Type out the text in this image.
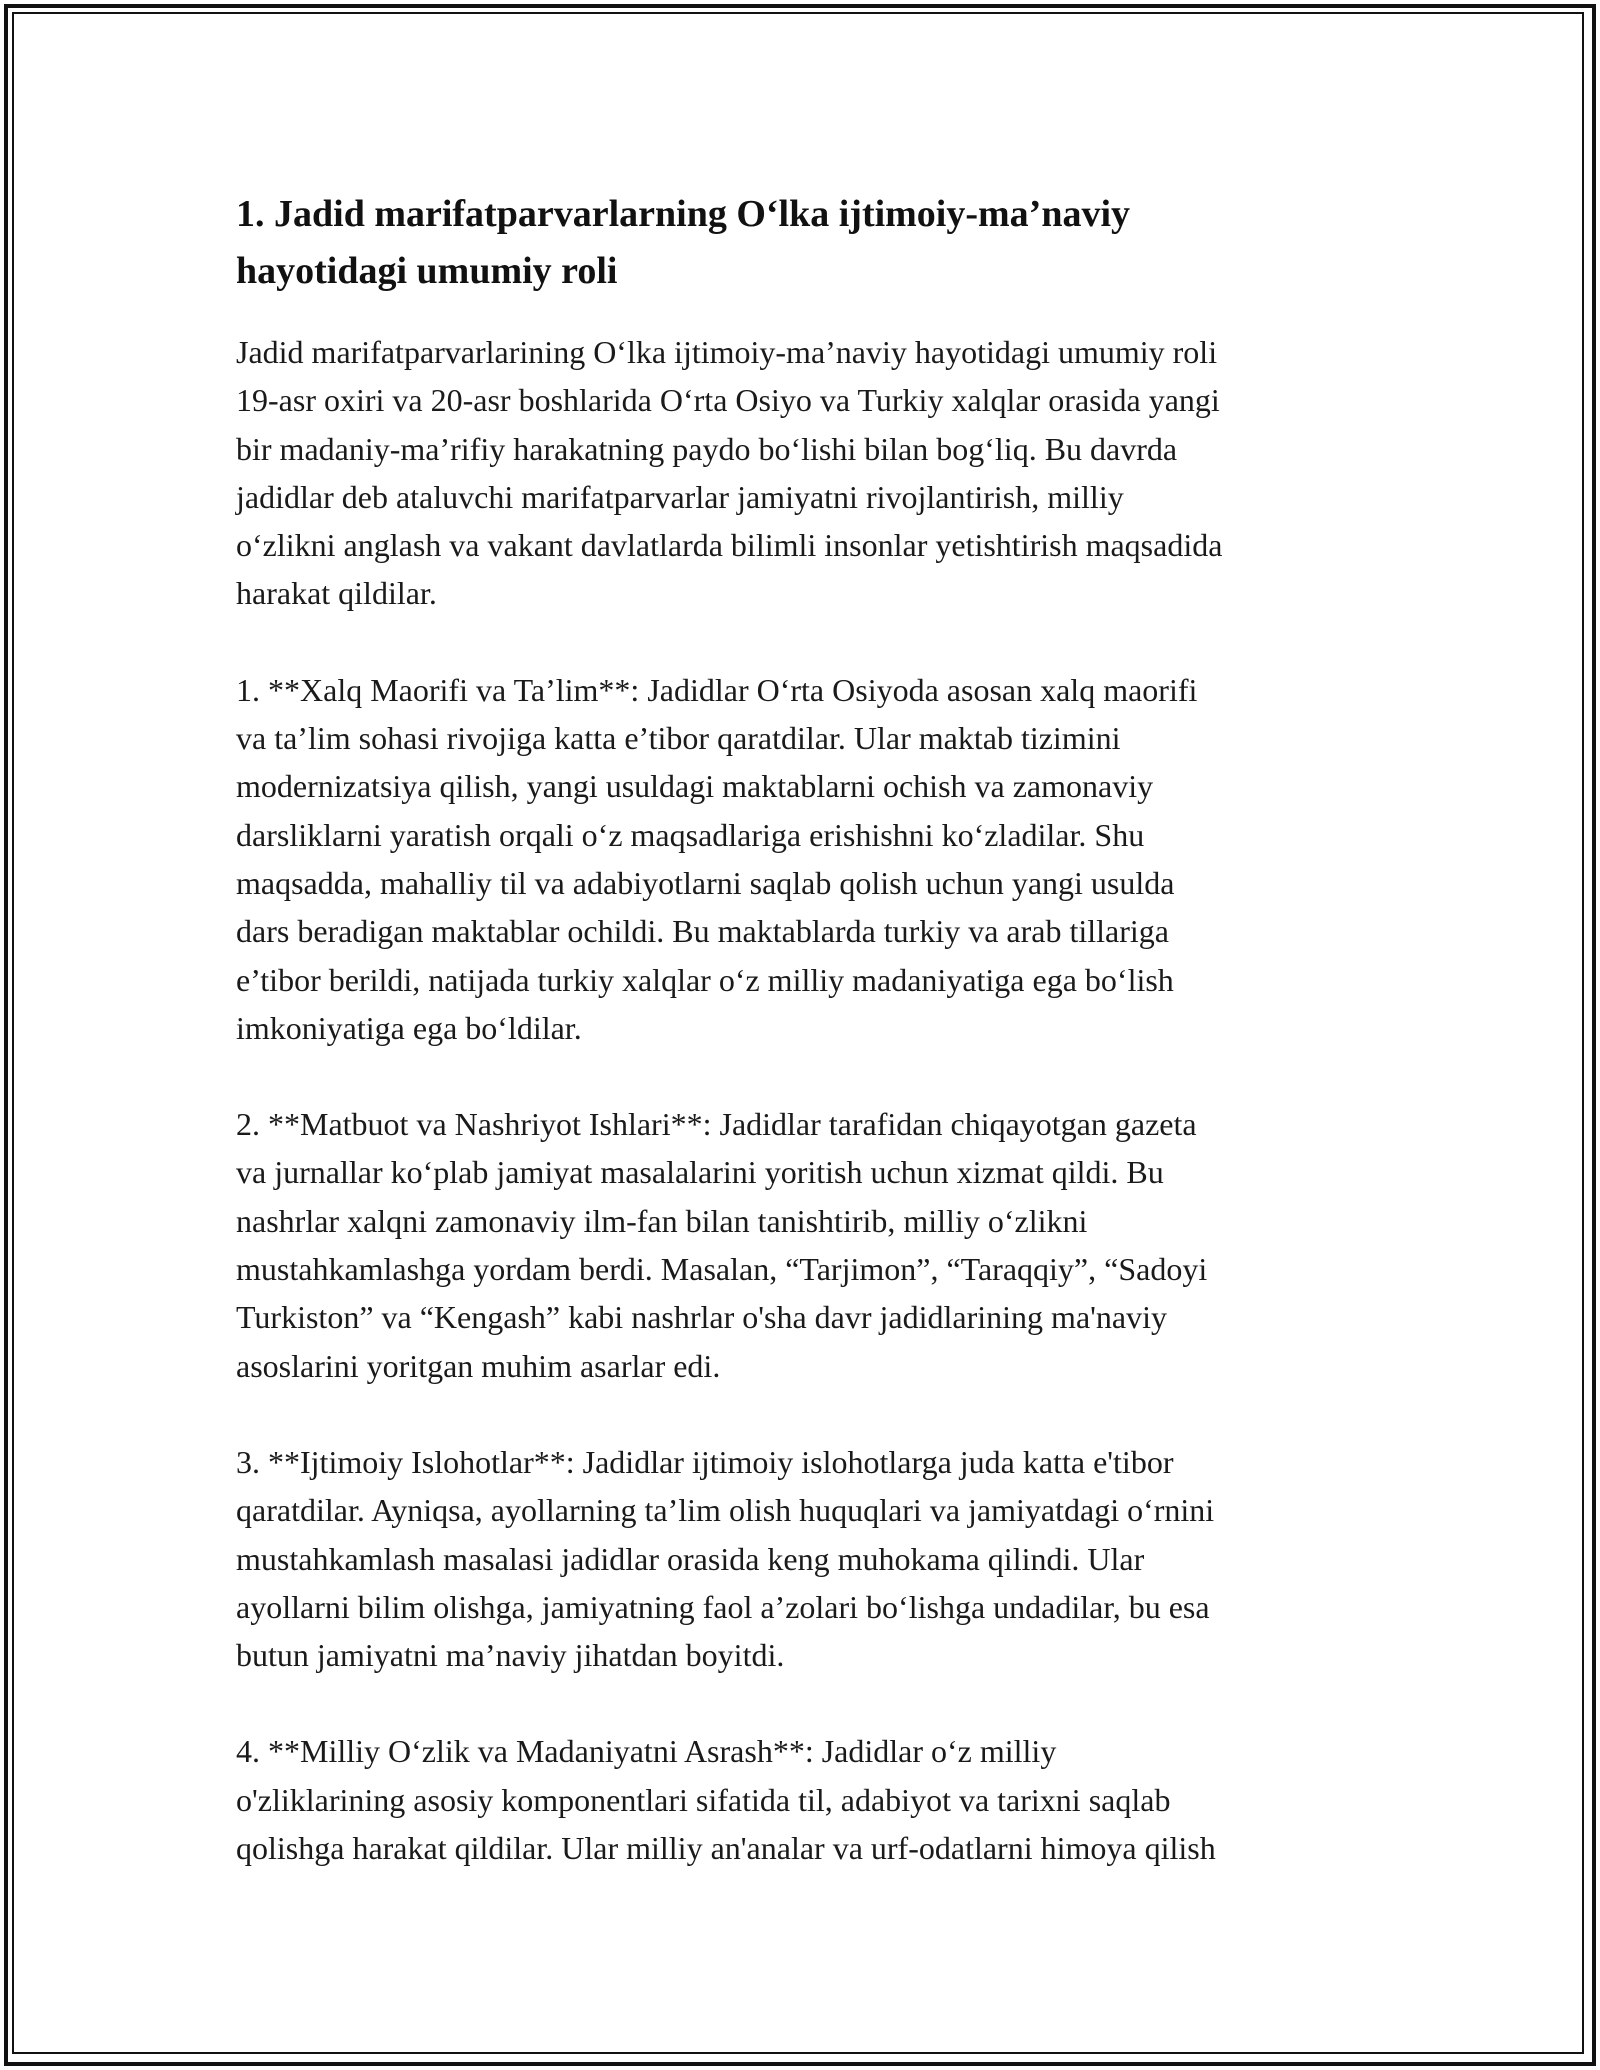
1. Jadid marifatparvarlarning O‘lka ijtimoiy-ma’naviy
hayotidagi umumiy roli

Jadid marifatparvarlarining O‘lka ijtimoiy-ma’naviy hayotidagi umumiy roli
19-asr oxiri va 20-asr boshlarida O‘rta Osiyo va Turkiy xalqlar orasida yangi
bir madaniy-ma’rifiy harakatning paydo bo‘lishi bilan bog‘liq. Bu davrda
jadidlar deb ataluvchi marifatparvarlar jamiyatni rivojlantirish, milliy
o‘zlikni anglash va vakant davlatlarda bilimli insonlar yetishtirish maqsadida
harakat qildilar.

1. **Xalq Maorifi va Ta’lim**: Jadidlar O‘rta Osiyoda asosan xalq maorifi
va ta’lim sohasi rivojiga katta e’tibor qaratdilar. Ular maktab tizimini
modernizatsiya qilish, yangi usuldagi maktablarni ochish va zamonaviy
darsliklarni yaratish orqali o‘z maqsadlariga erishishni ko‘zladilar. Shu
maqsadda, mahalliy til va adabiyotlarni saqlab qolish uchun yangi usulda
dars beradigan maktablar ochildi. Bu maktablarda turkiy va arab tillariga
e’tibor berildi, natijada turkiy xalqlar o‘z milliy madaniyatiga ega bo‘lish
imkoniyatiga ega bo‘ldilar.

2. **Matbuot va Nashriyot Ishlari**: Jadidlar tarafidan chiqayotgan gazeta
va jurnallar ko‘plab jamiyat masalalarini yoritish uchun xizmat qildi. Bu
nashrlar xalqni zamonaviy ilm-fan bilan tanishtirib, milliy o‘zlikni
mustahkamlashga yordam berdi. Masalan, “Tarjimon”, “Taraqqiy”, “Sadoyi
Turkiston” va “Kengash” kabi nashrlar o'sha davr jadidlarining ma'naviy
asoslarini yoritgan muhim asarlar edi.

3. **Ijtimoiy Islohotlar**: Jadidlar ijtimoiy islohotlarga juda katta e'tibor
qaratdilar. Ayniqsa, ayollarning ta’lim olish huquqlari va jamiyatdagi o‘rnini
mustahkamlash masalasi jadidlar orasida keng muhokama qilindi. Ular
ayollarni bilim olishga, jamiyatning faol a’zolari bo‘lishga undadilar, bu esa
butun jamiyatni ma’naviy jihatdan boyitdi.

4. **Milliy O‘zlik va Madaniyatni Asrash**: Jadidlar o‘z milliy
o'zliklarining asosiy komponentlari sifatida til, adabiyot va tarixni saqlab
qolishga harakat qildilar. Ular milliy an'analar va urf-odatlarni himoya qilish
